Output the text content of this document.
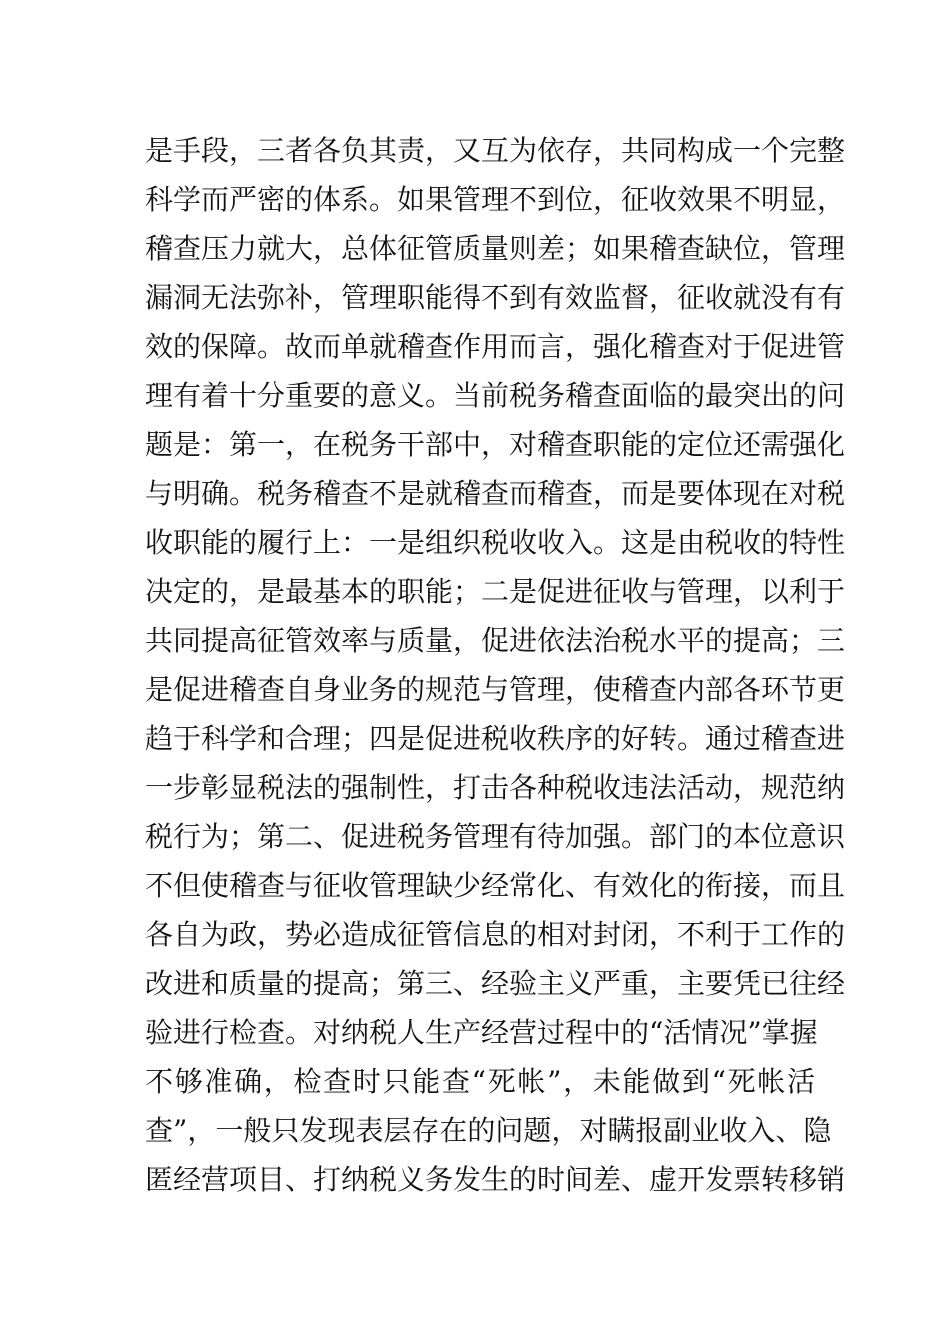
是手段，三者各负其责，又互为依存，共同构成一个完整
科学而严密的体系。如果管理不到位，征收效果不明显，
稽查压力就大，总体征管质量则差；如果稽查缺位，管理
漏洞无法弥补，管理职能得不到有效监督，征收就没有有
效的保障。故而单就稽查作用而言，强化稽查对于促进管
理有着十分重要的意义。当前税务稽查面临的最突出的问
题是：第一，在税务干部中，对稽查职能的定位还需强化
与明确。税务稽查不是就稽查而稽查，而是要体现在对税
收职能的履行上：一是组织税收收入。这是由税收的特性
决定的，是最基本的职能；二是促进征收与管理，以利于
共同提高征管效率与质量，促进依法治税水平的提高；三
是促进稽查自身业务的规范与管理，使稽查内部各环节更
趋于科学和合理；四是促进税收秩序的好转。通过稽查进
一步彰显税法的强制性，打击各种税收违法活动，规范纳
税行为；第二、促进税务管理有待加强。部门的本位意识
不但使稽查与征收管理缺少经常化、有效化的衔接，而且
各自为政，势必造成征管信息的相对封闭，不利于工作的
改进和质量的提高；第三、经验主义严重，主要凭已往经
验进行检查。对纳税人生产经营过程中的“活情况”掌握
不够准确，检查时只能查“死帐”，未能做到“死帐活
查”，一般只发现表层存在的问题，对瞒报副业收入、隐
匿经营项目、打纳税义务发生的时间差、虚开发票转移销
